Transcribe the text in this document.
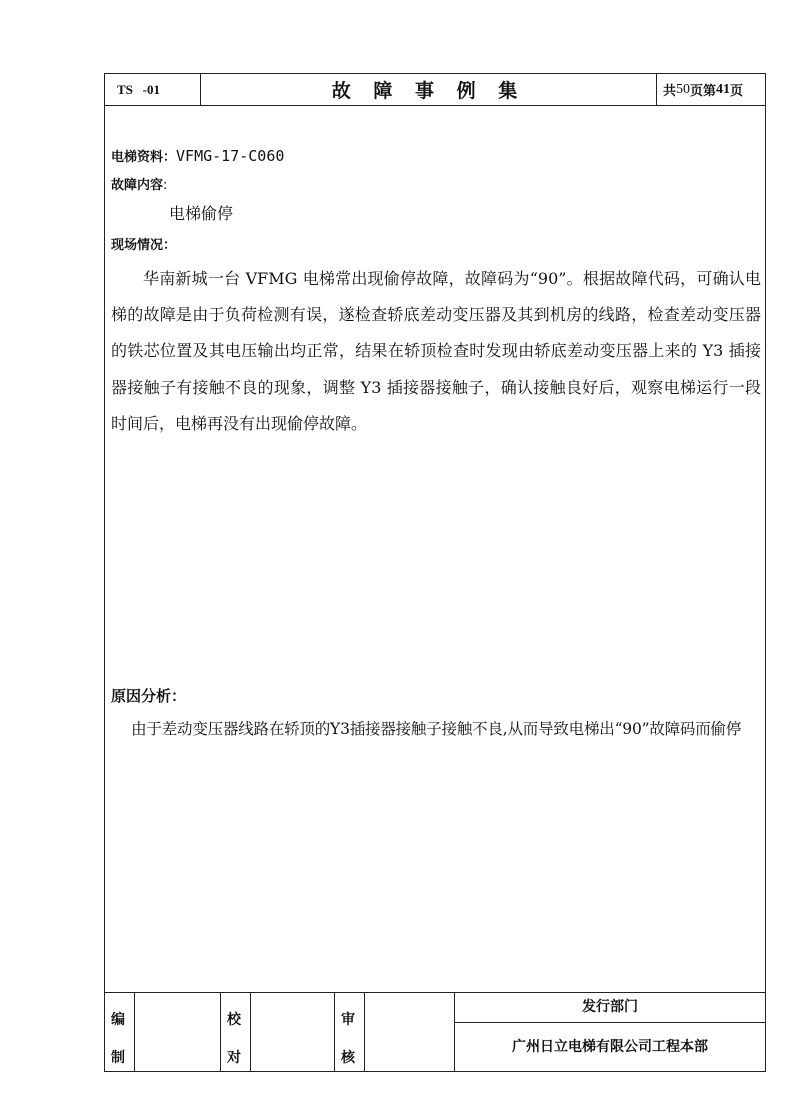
TS   -01	故 障 事 例 集	共 50 页第 41 页
电梯资料：VFMG-17-C060
故障内容:
电梯偷停
现场情况：

华南新城一台 VFMG 电梯常出现偷停故障，故障码为“90”。根据故障代码，可确认电梯的故障是由于负荷检测有误，遂检查轿底差动变压器及其到机房的线路，检查差动变压器的铁芯位置及其电压输出均正常，结果在轿顶检查时发现由轿底差动变压器上来的 Y3 插接器接触子有接触不良的现象，调整 Y3 插接器接触子，确认接触良好后，观察电梯运行一段时间后，电梯再没有出现偷停故障。

原因分析：

由于差动变压器线路在轿顶的Y3插接器接触子接触不良,从而导致电梯出“90”故障码而偷停

编
制
校
对
审
核
发行部门
广州日立电梯有限公司工程本部
